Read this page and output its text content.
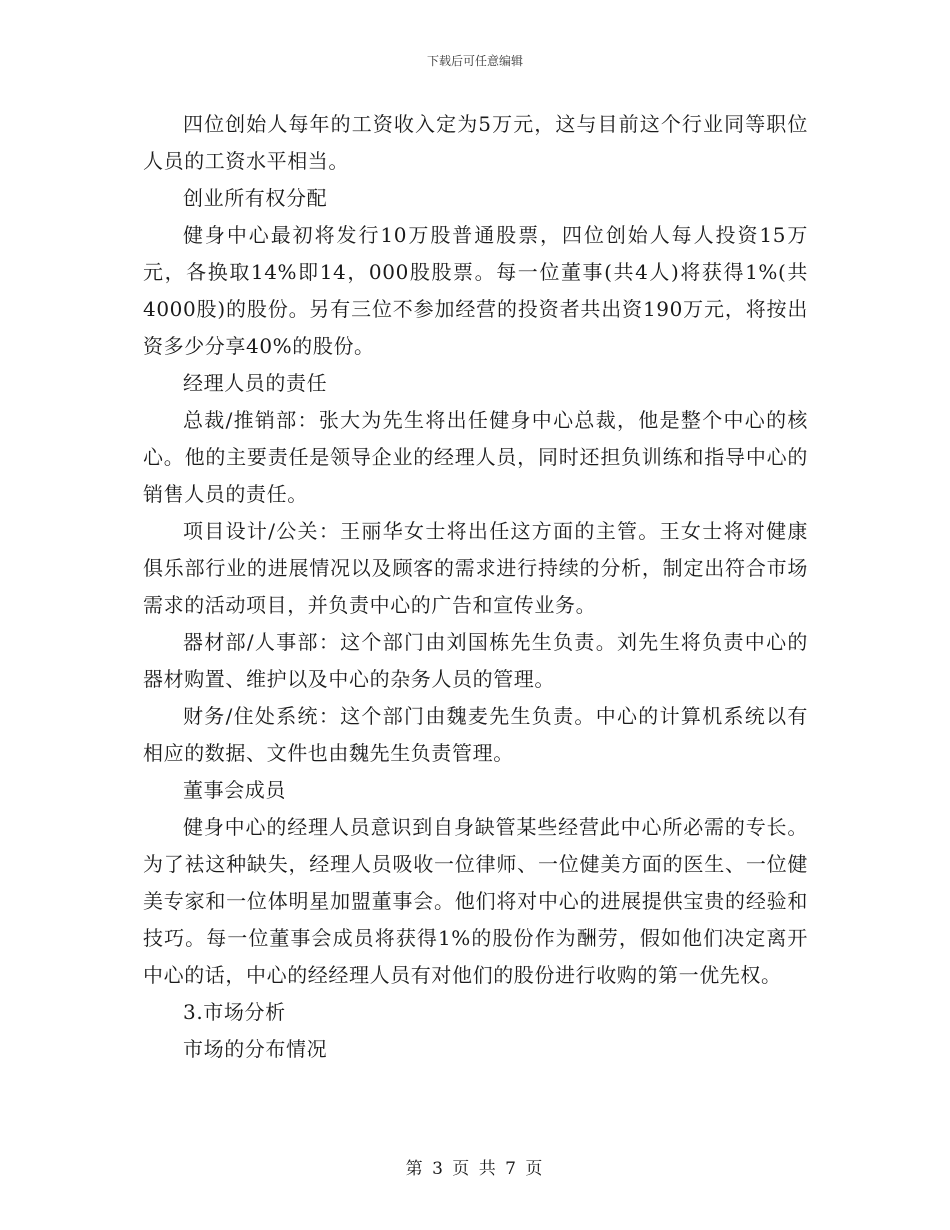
下载后可任意编辑

四位创始人每年的工资收入定为5万元，这与目前这个行业同等职位人员的工资水平相当。

创业所有权分配

健身中心最初将发行10万股普通股票，四位创始人每人投资15万元，各换取14%即14，000股股票。每一位董事(共4人)将获得1%(共4000股)的股份。另有三位不参加经营的投资者共出资190万元，将按出资多少分享40%的股份。

经理人员的责任

总裁/推销部：张大为先生将出任健身中心总裁，他是整个中心的核心。他的主要责任是领导企业的经理人员，同时还担负训练和指导中心的销售人员的责任。

项目设计/公关：王丽华女士将出任这方面的主管。王女士将对健康俱乐部行业的进展情况以及顾客的需求进行持续的分析，制定出符合市场需求的活动项目，并负责中心的广告和宣传业务。

器材部/人事部：这个部门由刘国栋先生负责。刘先生将负责中心的器材购置、维护以及中心的杂务人员的管理。

财务/住处系统：这个部门由魏麦先生负责。中心的计算机系统以有相应的数据、文件也由魏先生负责管理。

董事会成员

健身中心的经理人员意识到自身缺管某些经营此中心所必需的专长。为了袪这种缺失，经理人员吸收一位律师、一位健美方面的医生、一位健美专家和一位体明星加盟董事会。他们将对中心的进展提供宝贵的经验和技巧。每一位董事会成员将获得1%的股份作为酬劳，假如他们决定离开中心的话，中心的经经理人员有对他们的股份进行收购的第一优先权。

3.市场分析

市场的分布情况

第 3 页 共 7 页
